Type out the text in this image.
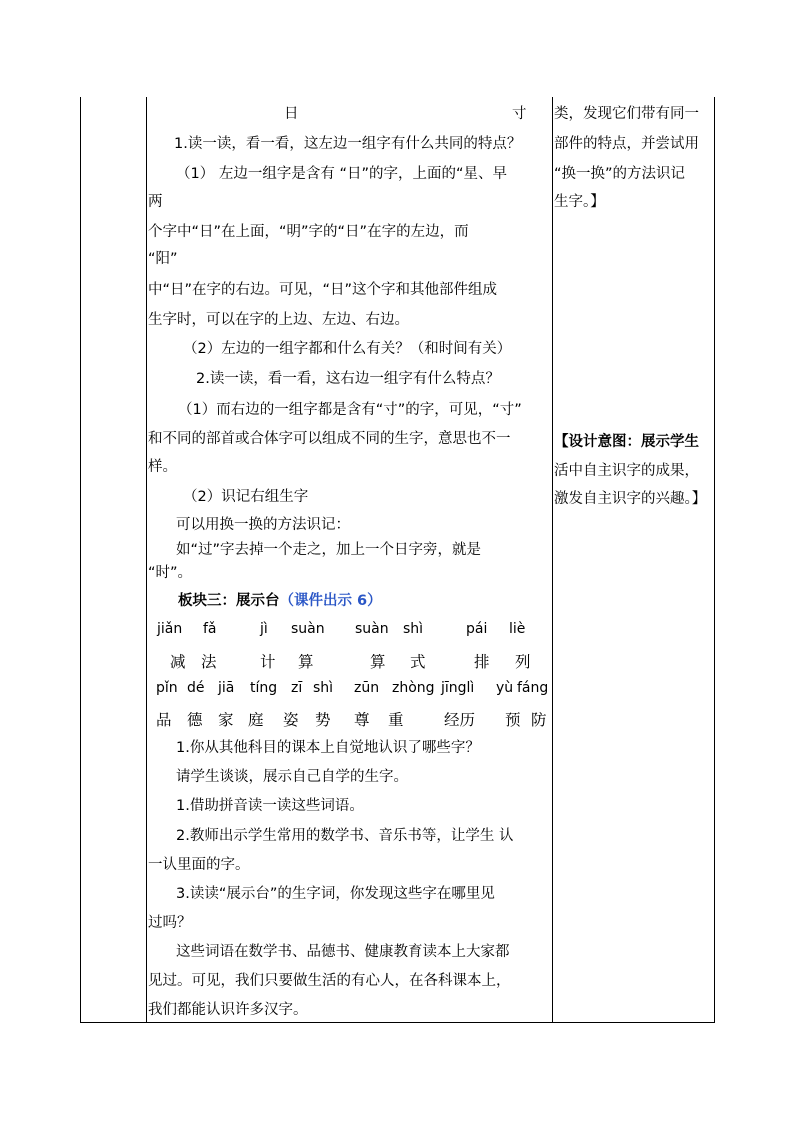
日	寸
1.读一读，看一看，这左边一组字有什么共同的特点？
（1） 左边一组字是含有 “日”的字，上面的“星、早
两
个字中“日”在上面，“明”字的“日”在字的左边，而
“阳”
中“日”在字的右边。可见，“日”这个字和其他部件组成
生字时，可以在字的上边、左边、右边。
（2）左边的一组字都和什么有关？（和时间有关）
2.读一读，看一看，这右边一组字有什么特点？
（1）而右边的一组字都是含有“寸”的字，可见，“寸”
和不同的部首或合体字可以组成不同的生字，意思也不一
样。
（2）识记右组生字
可以用换一换的方法识记：
如“过”字去掉一个走之，加上一个日字旁，就是
“时”。
板块三：展示台（课件出示 6）
jiǎn fǎ	jì suàn suàn shì	pái liè
减 法	计 算	算 式	排 列
pǐn dé jiā tíng zī shì zūn zhòng jīnglì yù fáng
品 德 家 庭 姿 势 尊 重	经历 预 防
1.你从其他科目的课本上自觉地认识了哪些字？
请学生谈谈，展示自己自学的生字。
1.借助拼音读一读这些词语。
2.教师出示学生常用的数学书、音乐书等，让学生 认
一认里面的字。
3.读读“展示台”的生字词，你发现这些字在哪里见
过吗？
这些词语在数学书、品德书、健康教育读本上大家都
见过。可见，我们只要做生活的有心人，在各科课本上，
我们都能认识许多汉字。
类，发现它们带有同一
部件的特点，并尝试用
“换一换”的方法识记
生字。】
【设计意图：展示学生
活中自主识字的成果，
激发自主识字的兴趣。】
